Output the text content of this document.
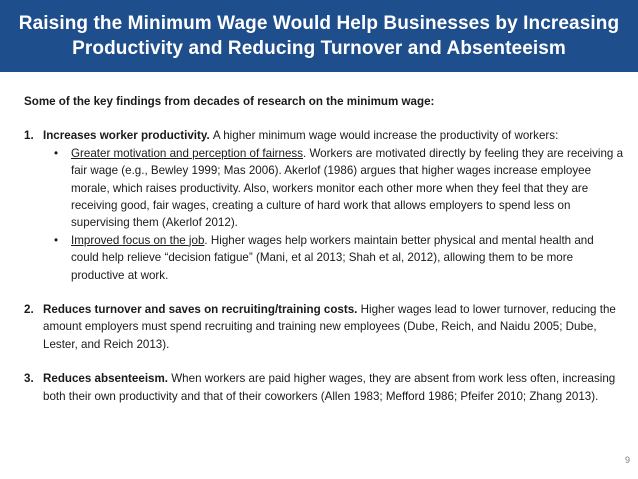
Raising the Minimum Wage Would Help Businesses by Increasing Productivity and Reducing Turnover and Absenteeism

Some of the key findings from decades of research on the minimum wage:

1. Increases worker productivity. A higher minimum wage would increase the productivity of workers:
• Greater motivation and perception of fairness. Workers are motivated directly by feeling they are receiving a fair wage (e.g., Bewley 1999; Mas 2006). Akerlof (1986) argues that higher wages increase employee morale, which raises productivity. Also, workers monitor each other more when they feel that they are receiving good, fair wages, creating a culture of hard work that allows employers to spend less on supervising them (Akerlof 2012).
• Improved focus on the job. Higher wages help workers maintain better physical and mental health and could help relieve “decision fatigue” (Mani, et al 2013; Shah et al, 2012), allowing them to be more productive at work.
2. Reduces turnover and saves on recruiting/training costs. Higher wages lead to lower turnover, reducing the amount employers must spend recruiting and training new employees (Dube, Reich, and Naidu 2005; Dube, Lester, and Reich 2013).
3. Reduces absenteeism. When workers are paid higher wages, they are absent from work less often, increasing both their own productivity and that of their coworkers (Allen 1983; Mefford 1986; Pfeifer 2010; Zhang 2013).
9
